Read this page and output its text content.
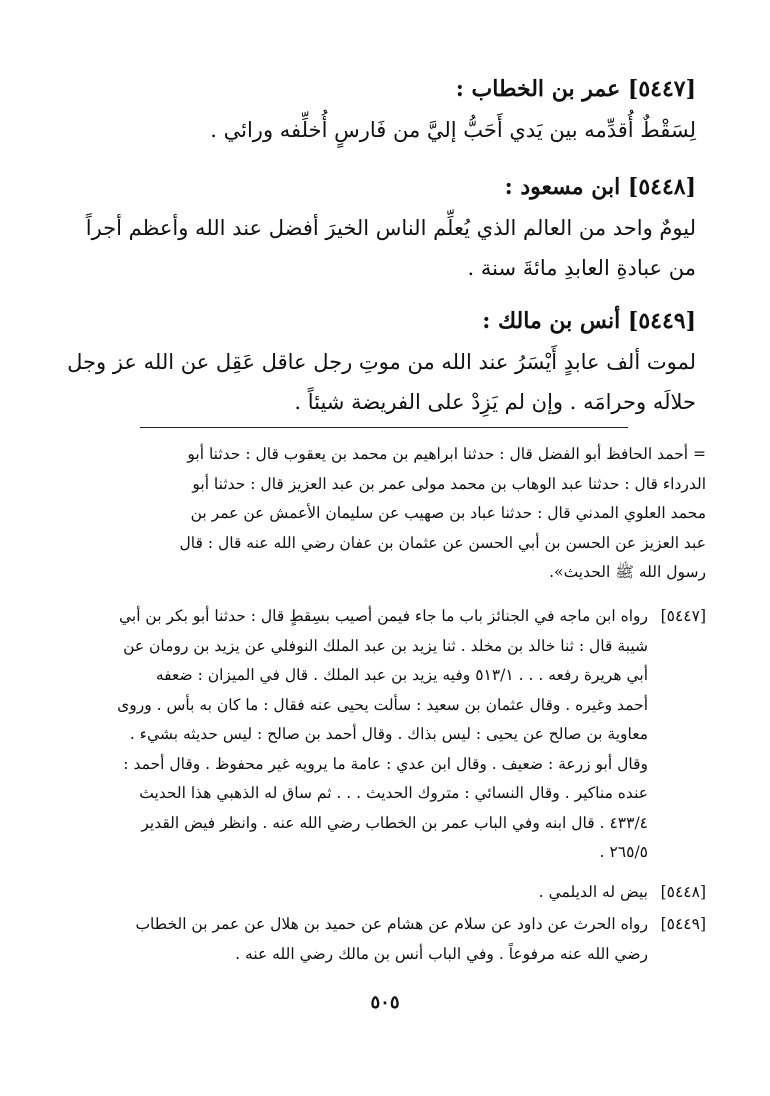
[٥٤٤٧] عمر بن الخطاب :
لِسَقْطٌ أُقدِّمه بين يَدي أَحَبُّ إليَّ من فَارسٍ أُخلِّفه ورائي .
[٥٤٤٨] ابن مسعود :
ليومٌ واحد من العالم الذي يُعلِّم الناس الخيرَ أفضل عند الله وأعظم أجراً
من عبادةِ العابدِ مائةَ سنة .
[٥٤٤٩] أنس بن مالك :
لموت ألف عابدٍ أَيْسَرُ عند الله من موتِ رجل عاقل عَقِل عن الله عز وجل
حلالَه وحرامَه . وإن لم يَزِدْ على الفريضة شيئاً .
= أحمد الحافظ أبو الفضل قال : حدثنا ابراهيم بن محمد بن يعقوب قال : حدثنا أبو
الدرداء قال : حدثنا عبد الوهاب بن محمد مولى عمر بن عبد العزيز قال : حدثنا أبو
محمد العلوي المدني قال : حدثنا عباد بن صهيب عن سليمان الأعمش عن عمر بن
عبد العزيز عن الحسن بن أبي الحسن عن عثمان بن عفان رضي الله عنه قال : قال
رسول الله ﷺ الحديث».
[٥٤٤٧]
رواه ابن ماجه في الجنائز باب ما جاء فيمن أصيب بسِقطٍ قال : حدثنا أبو بكر بن أبي
شيبة قال : ثنا خالد بن مخلد . ثنا يزيد بن عبد الملك النوفلي عن يزيد بن رومان عن
أبي هريرة رفعه . . . ٥١٣/١ وفيه يزيد بن عبد الملك . قال في الميزان : ضعفه
أحمد وغيره . وقال عثمان بن سعيد : سألت يحيى عنه فقال : ما كان به بأس . وروى
معاوية بن صالح عن يحيى : ليس بذاك . وقال أحمد بن صالح : ليس حديثه بشيء .
وقال أبو زرعة : ضعيف . وقال ابن عدي : عامة ما يرويه غير محفوظ . وقال أحمد :
عنده مناكير . وقال النسائي : متروك الحديث . . . ثم ساق له الذهبي هذا الحديث
٤٣٣/٤ . قال ابنه وفي الباب عمر بن الخطاب رضي الله عنه . وانظر فيض القدير
٢٦٥/٥ .
[٥٤٤٨]
بيض له الديلمي .
[٥٤٤٩]
رواه الحرث عن داود عن سلام عن هشام عن حميد بن هلال عن عمر بن الخطاب
رضي الله عنه مرفوعاً . وفي الباب أنس بن مالك رضي الله عنه .
٥٠٥
